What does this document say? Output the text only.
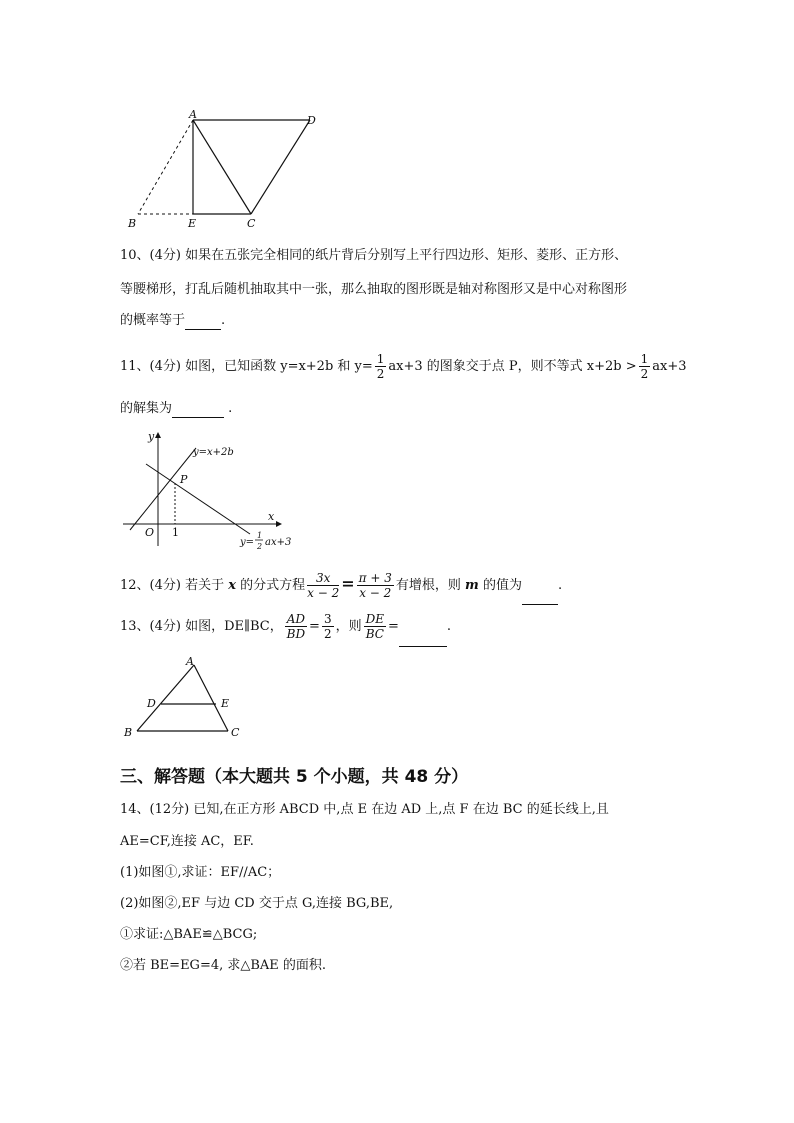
A	D
B	E	C
10、(4分) 如果在五张完全相同的纸片背后分别写上平行四边形、矩形、菱形、正方形、
等腰梯形，打乱后随机抽取其中一张，那么抽取的图形既是轴对称图形又是中心对称图形
的概率等于	.
11、(4分) 如图，已知函数 y=x+2b 和 $y= \frac{1}{2} ax+3$ 的图象交于点 P，则不等式 $x+2b > \frac{1}{2} ax+3$
的解集为	.
y
x
O 1
P
y=x+2b
y=
1
2 ax+3
12、(4分) 若关于 x 的分式方程 $\frac{3x}{x - 2} = \frac{\pi + 3}{x - 2}$ 有增根，则 m 的值为	.
13、(4分) 如图，DE∥BC， $\frac{AD}{BD} = \frac{3}{2}$ ，则 $\frac{DE}{BC}$ =	.
A
D	E
B	C
三、解答题（本大题共 5 个小题，共 48 分）
14、(12分) 已知,在正方形 ABCD 中,点 E 在边 AD 上,点 F 在边 BC 的延长线上,且
AE=CF,连接 AC，EF.
(1)如图①,求证：EF//AC；
(2)如图②,EF 与边 CD 交于点 G,连接 BG,BE,
①求证:△BAE≌△BCG;
②若 BE=EG=4, 求△BAE 的面积.
